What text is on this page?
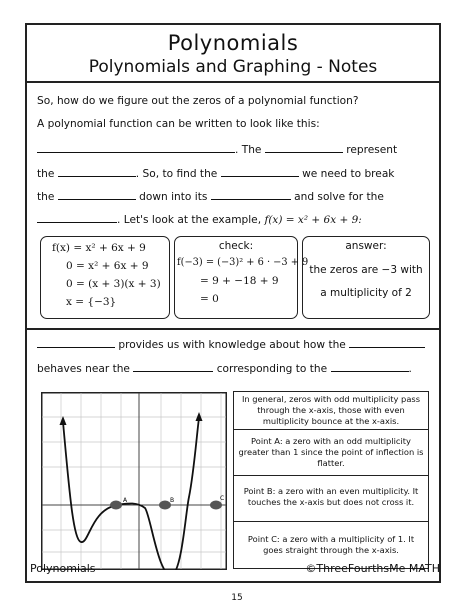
Polynomials
Polynomials and Graphing - Notes
So, how do we figure out the zeros of a polynomial function?
A polynomial function can be written to look like this:
. The	represent
the	. So, to find the	we need to break
the	down into its	and solve for the
. Let's look at the example, f(x) = x² + 6x + 9:
f(x) = x² + 6x + 9
0 = x² + 6x + 9
0 = (x + 3)(x + 3)
x = {−3}
check:
f(−3) = (−3)² + 6 · −3 + 9
= 9 + −18 + 9
= 0
answer:
the zeros are −3 with
a multiplicity of 2
provides us with knowledge about how the
behaves near the	corresponding to the	.
A	B	C
In general, zeros with odd multiplicity pass through the x-axis, those with even multiplicity bounce at the x-axis.
Point A: a zero with an odd multiplicity greater than 1 since the point of inflection is flatter.
Point B: a zero with an even multiplicity. It touches the x-axis but does not cross it.
Point C: a zero with a multiplicity of 1. It goes straight through the x-axis.
Polynomials	©ThreeFourthsMe MATH
15
